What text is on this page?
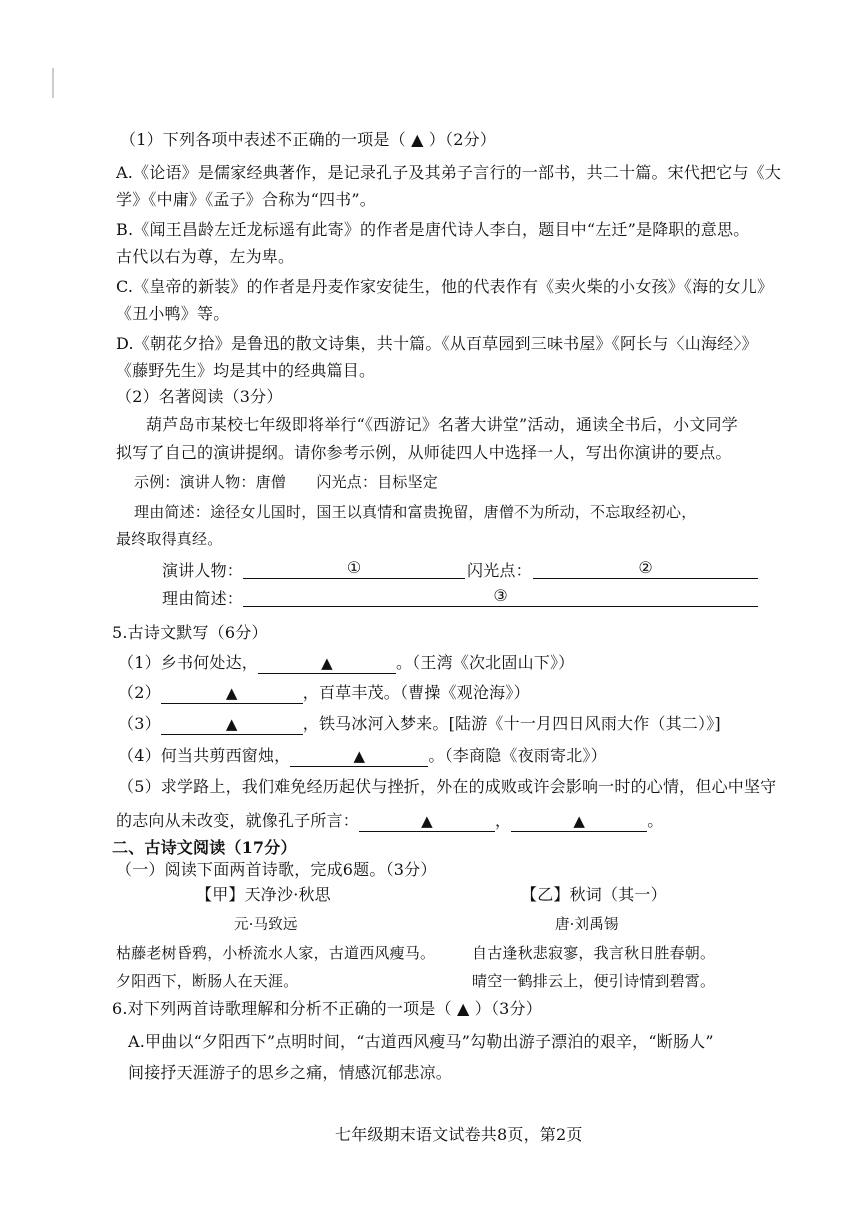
（1）下列各项中表述不正确的一项是（ ▲ ）（2分）
A.《论语》是儒家经典著作，是记录孔子及其弟子言行的一部书，共二十篇。宋代把它与《大
学》《中庸》《孟子》合称为“四书”。
B.《闻王昌龄左迁龙标遥有此寄》的作者是唐代诗人李白，题目中“左迁”是降职的意思。
古代以右为尊，左为卑。
C.《皇帝的新装》的作者是丹麦作家安徒生，他的代表作有《卖火柴的小女孩》《海的女儿》
《丑小鸭》等。
D.《朝花夕拾》是鲁迅的散文诗集，共十篇。《从百草园到三味书屋》《阿长与〈山海经〉》
《藤野先生》均是其中的经典篇目。
（2）名著阅读（3分）
葫芦岛市某校七年级即将举行“《西游记》名著大讲堂”活动，通读全书后，小文同学
拟写了自己的演讲提纲。请你参考示例，从师徒四人中选择一人，写出你演讲的要点。
示例：演讲人物：唐僧　　闪光点：目标坚定
理由简述：途径女儿国时，国王以真情和富贵挽留，唐僧不为所动，不忘取经初心，
最终取得真经。
演讲人物：	①	闪光点：	②
理由简述：	③
5.古诗文默写（6分）
（1）乡书何处达，	▲	。（王湾《次北固山下》）
（2）	▲	，百草丰茂。（曹操《观沧海》）
（3）	▲	，铁马冰河入梦来。[陆游《十一月四日风雨大作（其二）》]
（4）何当共剪西窗烛，	▲	。（李商隐《夜雨寄北》）
（5）求学路上，我们难免经历起伏与挫折，外在的成败或许会影响一时的心情，但心中坚守
的志向从未改变，就像孔子所言：	▲	，	▲	。
二、古诗文阅读（17分）
（一）阅读下面两首诗歌，完成6题。（3分）
【甲】天净沙·秋思
元·马致远
枯藤老树昏鸦，小桥流水人家，古道西风瘦马。
夕阳西下，断肠人在天涯。
【乙】秋词（其一）
唐·刘禹锡
自古逢秋悲寂寥，我言秋日胜春朝。
晴空一鹤排云上，便引诗情到碧霄。
6.对下列两首诗歌理解和分析不正确的一项是（ ▲ ）（3分）
A.甲曲以“夕阳西下”点明时间，“古道西风瘦马”勾勒出游子漂泊的艰辛，“断肠人”
间接抒天涯游子的思乡之痛，情感沉郁悲凉。
七年级期末语文试卷共8页，第2页
